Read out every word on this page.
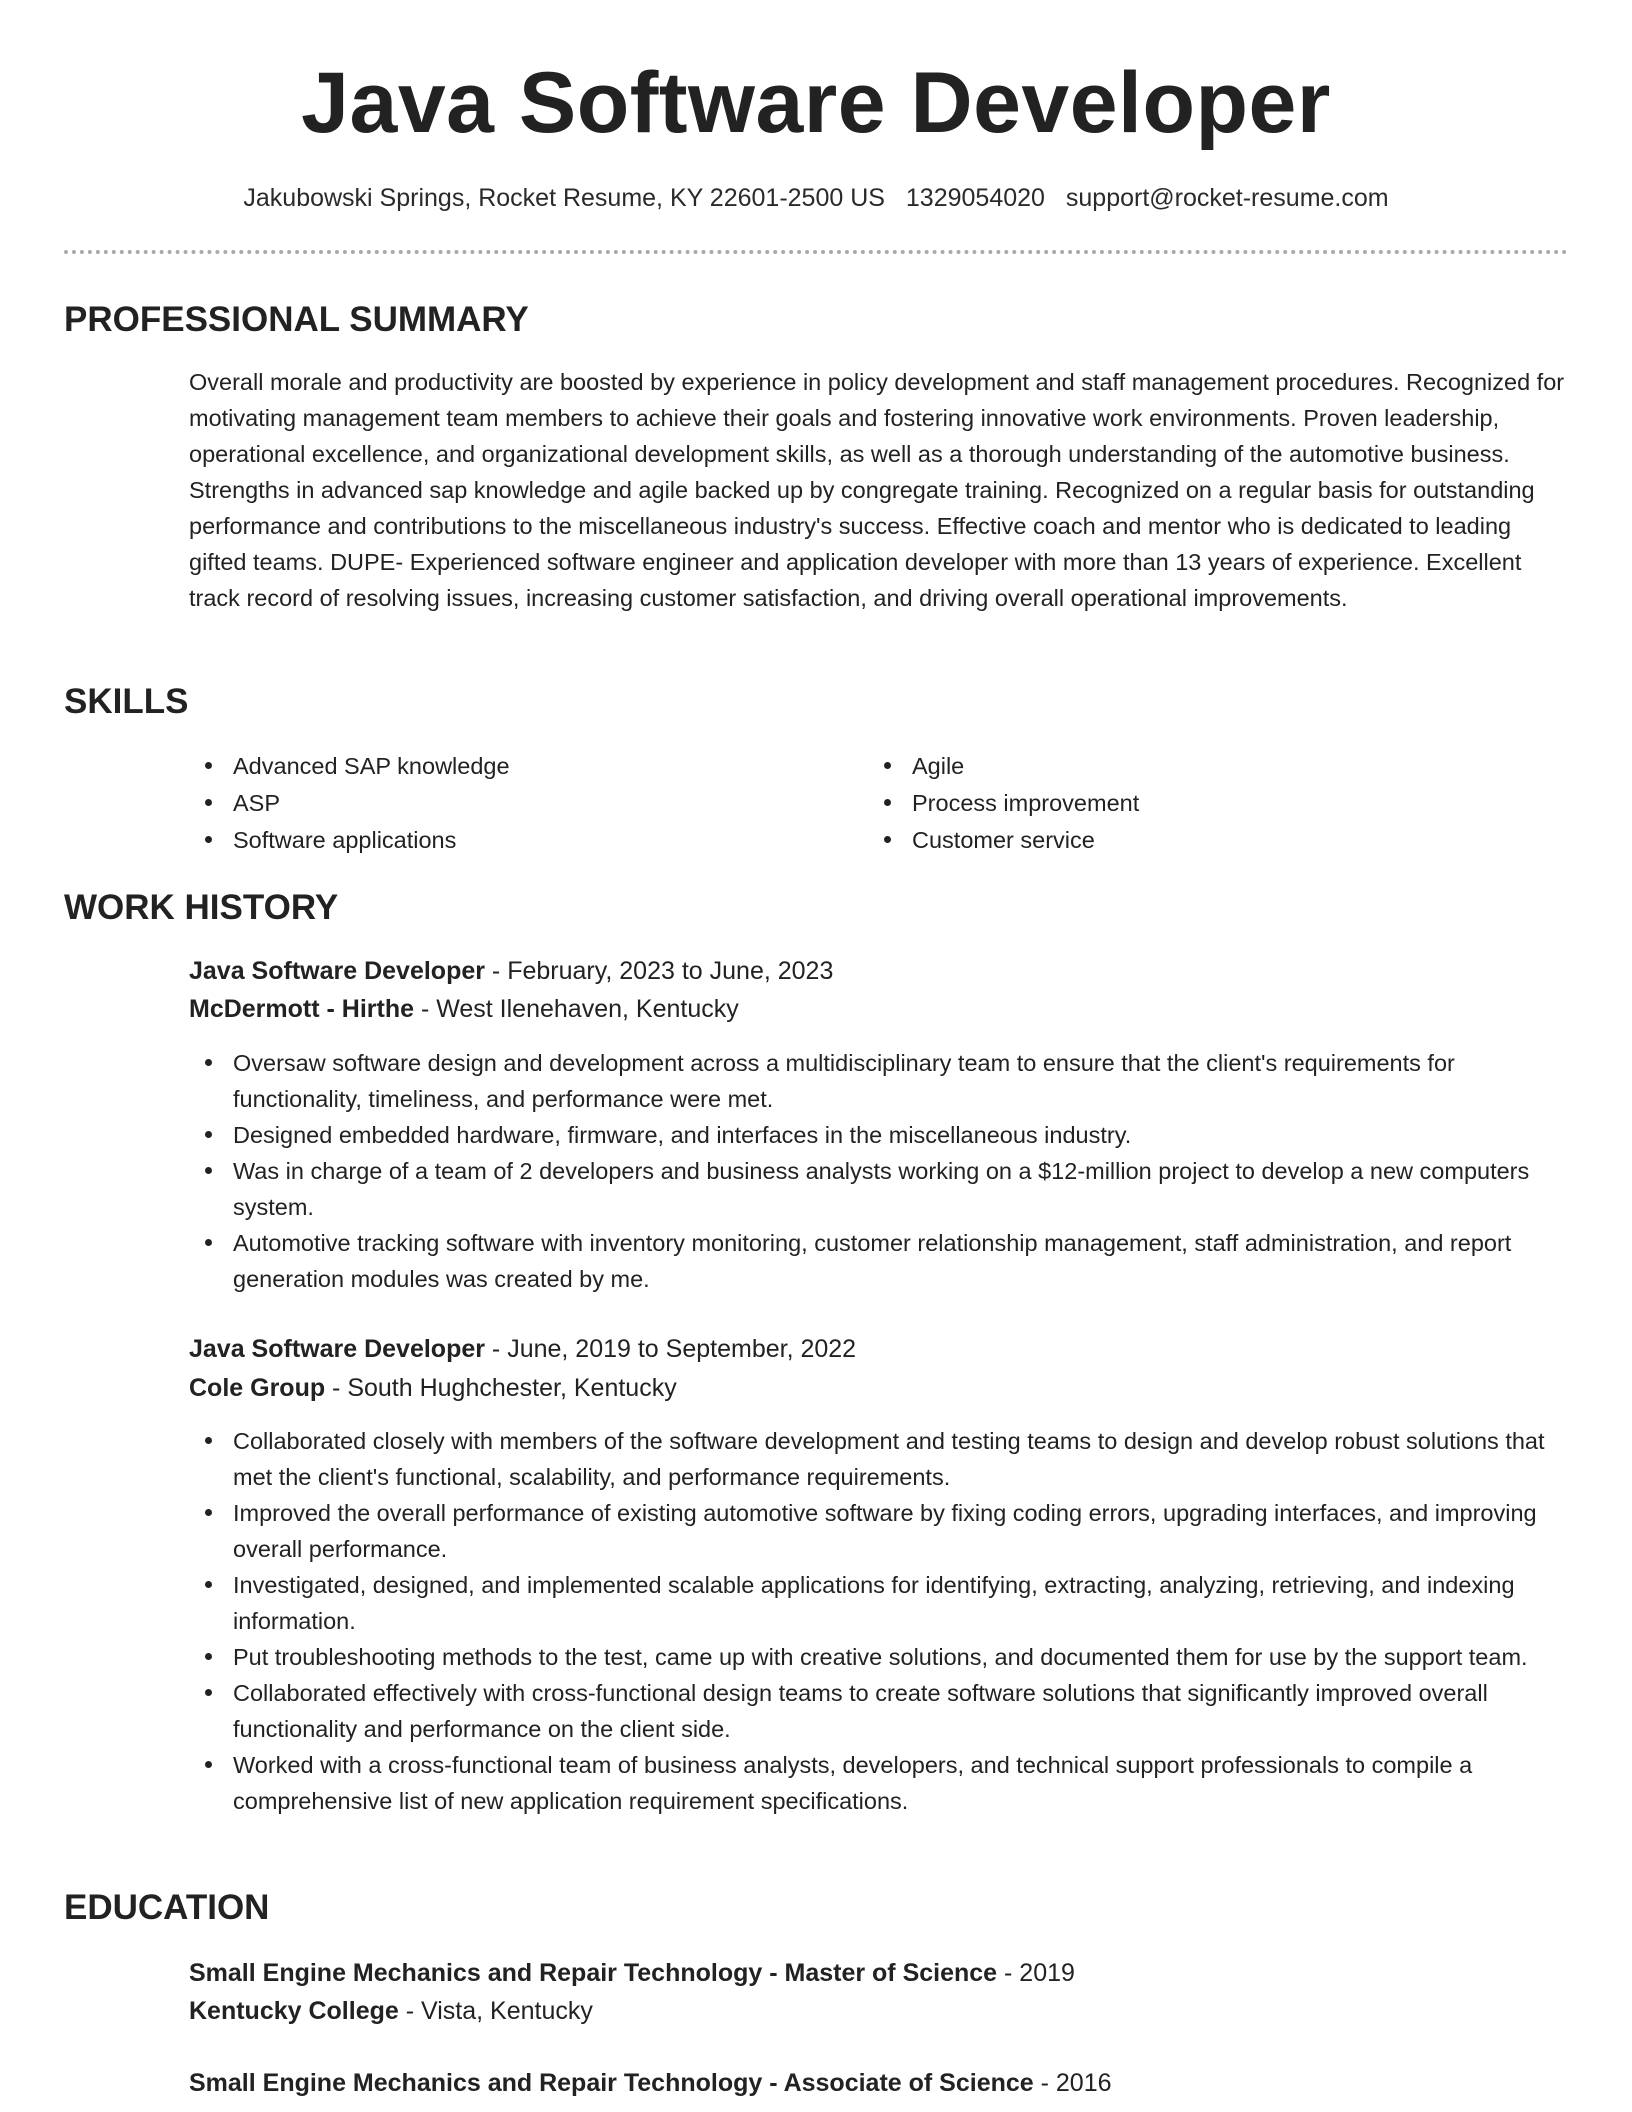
Java Software Developer
Jakubowski Springs, Rocket Resume, KY 22601-2500 US 1329054020 support@rocket-resume.com
PROFESSIONAL SUMMARY

Overall morale and productivity are boosted by experience in policy development and staff management procedures. Recognized for motivating management team members to achieve their goals and fostering innovative work environments. Proven leadership, operational excellence, and organizational development skills, as well as a thorough understanding of the automotive business. Strengths in advanced sap knowledge and agile backed up by congregate training. Recognized on a regular basis for outstanding performance and contributions to the miscellaneous industry's success. Effective coach and mentor who is dedicated to leading gifted teams. DUPE- Experienced software engineer and application developer with more than 13 years of experience. Excellent track record of resolving issues, increasing customer satisfaction, and driving overall operational improvements.

SKILLS
Advanced SAP knowledge
ASP
Software applications
Agile
Process improvement
Customer service
WORK HISTORY
Java Software Developer - February, 2023 to June, 2023
McDermott - Hirthe - West Ilenehaven, Kentucky
Oversaw software design and development across a multidisciplinary team to ensure that the client's requirements for functionality, timeliness, and performance were met.
Designed embedded hardware, firmware, and interfaces in the miscellaneous industry.
Was in charge of a team of 2 developers and business analysts working on a $12-million project to develop a new computers system.
Automotive tracking software with inventory monitoring, customer relationship management, staff administration, and report generation modules was created by me.
Java Software Developer - June, 2019 to September, 2022
Cole Group - South Hughchester, Kentucky
Collaborated closely with members of the software development and testing teams to design and develop robust solutions that met the client's functional, scalability, and performance requirements.
Improved the overall performance of existing automotive software by fixing coding errors, upgrading interfaces, and improving overall performance.
Investigated, designed, and implemented scalable applications for identifying, extracting, analyzing, retrieving, and indexing information.
Put troubleshooting methods to the test, came up with creative solutions, and documented them for use by the support team.
Collaborated effectively with cross-functional design teams to create software solutions that significantly improved overall functionality and performance on the client side.
Worked with a cross-functional team of business analysts, developers, and technical support professionals to compile a comprehensive list of new application requirement specifications.
EDUCATION
Small Engine Mechanics and Repair Technology - Master of Science - 2019
Kentucky College - Vista, Kentucky
Small Engine Mechanics and Repair Technology - Associate of Science - 2016
